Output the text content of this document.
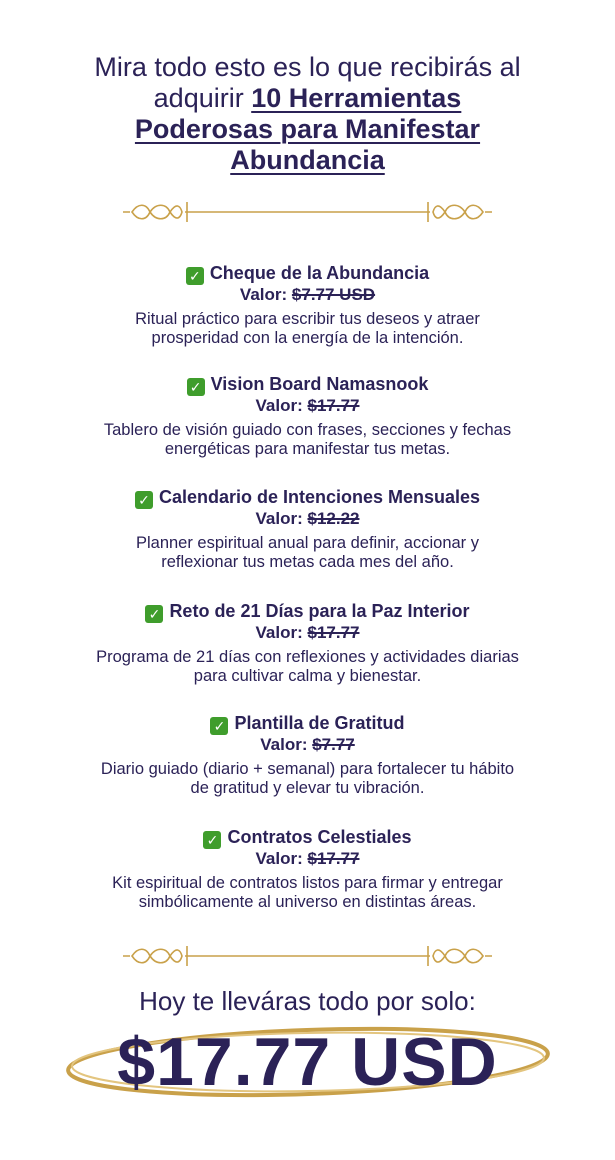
Mira todo esto es lo que recibirás al
adquirir 10 Herramientas
Poderosas para Manifestar
Abundancia
✓ Cheque de la Abundancia
Valor: $7.77 USD
Ritual práctico para escribir tus deseos y atraer
prosperidad con la energía de la intención.
✓ Vision Board Namasnook
Valor: $17.77
Tablero de visión guiado con frases, secciones y fechas
energéticas para manifestar tus metas.
✓ Calendario de Intenciones Mensuales
Valor: $12.22
Planner espiritual anual para definir, accionar y
reflexionar tus metas cada mes del año.
✓ Reto de 21 Días para la Paz Interior
Valor: $17.77
Programa de 21 días con reflexiones y actividades diarias
para cultivar calma y bienestar.
✓ Plantilla de Gratitud
Valor: $7.77
Diario guiado (diario + semanal) para fortalecer tu hábito
de gratitud y elevar tu vibración.
✓ Contratos Celestiales
Valor: $17.77
Kit espiritual de contratos listos para firmar y entregar
simbólicamente al universo en distintas áreas.
Hoy te lleváras todo por solo:
$17.77 USD
